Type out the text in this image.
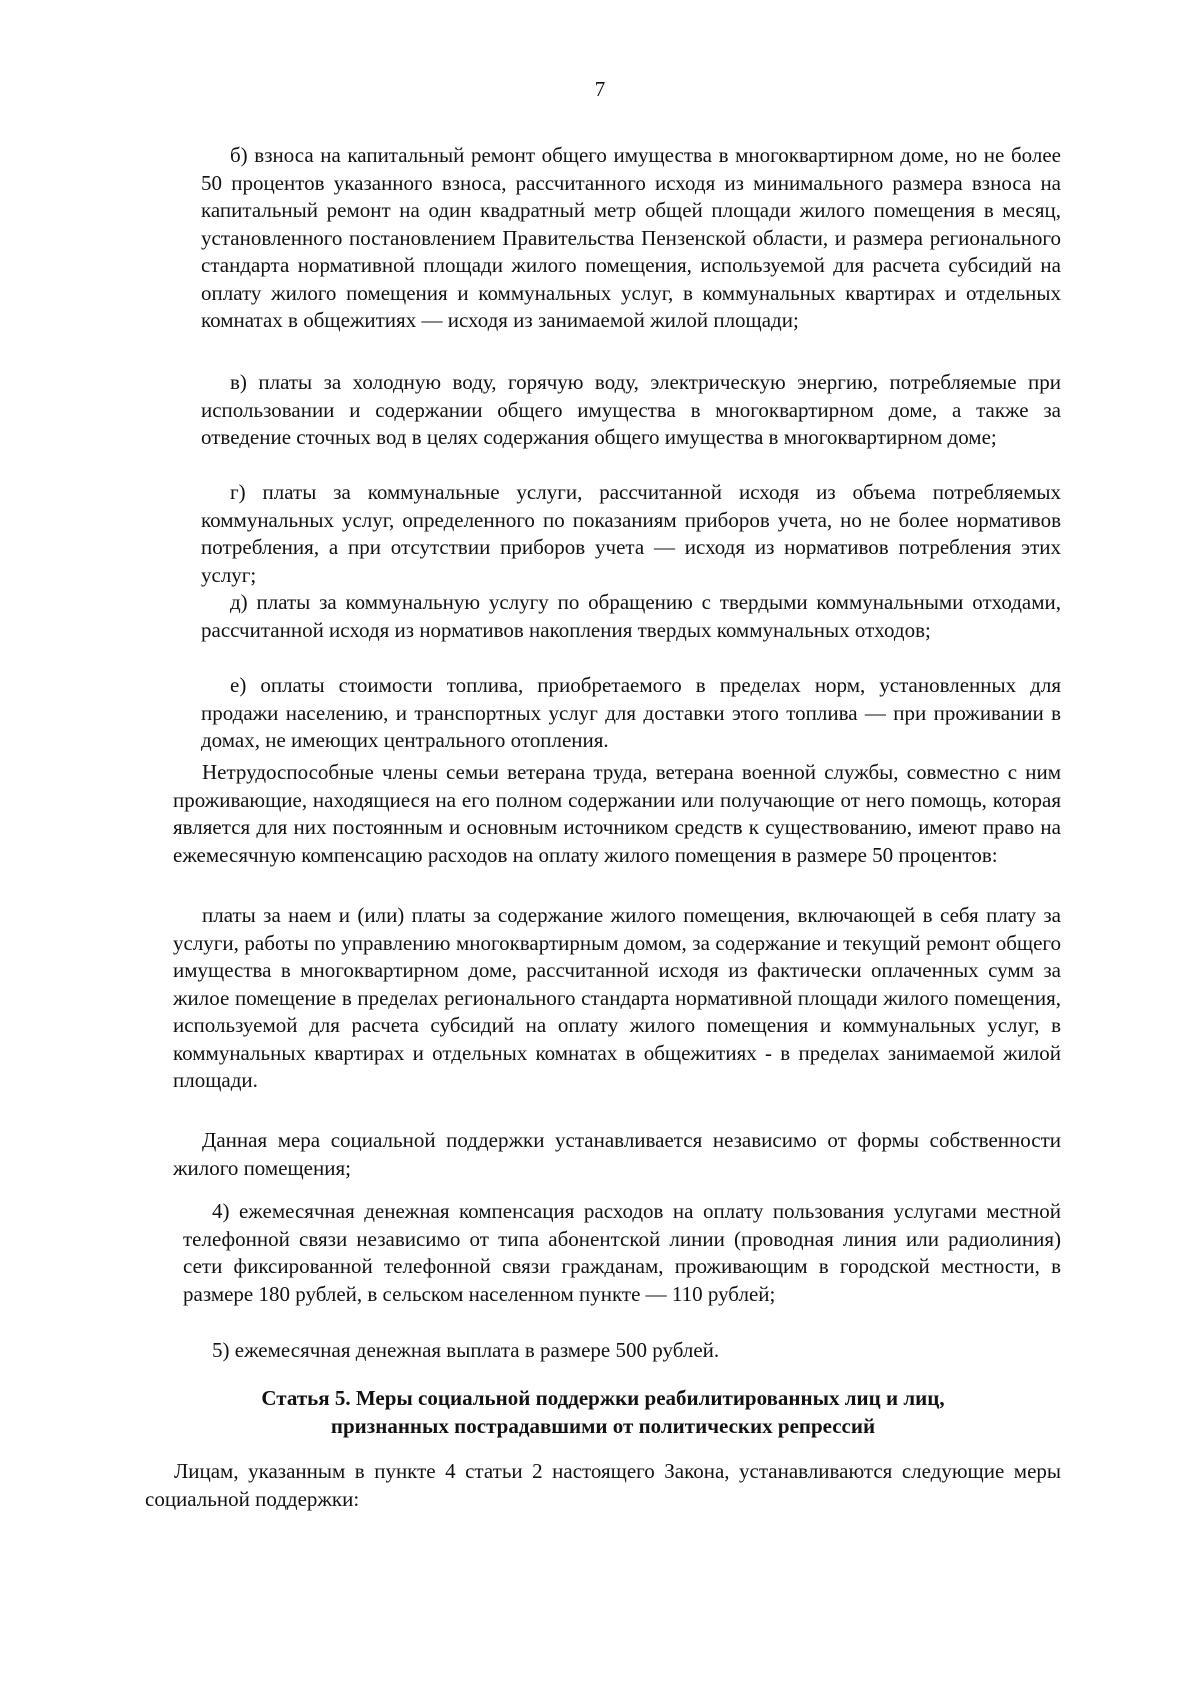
7

б) взноса на капитальный ремонт общего имущества в многоквартирном доме, но не более 50 процентов указанного взноса, рассчитанного исходя из минимального размера взноса на капитальный ремонт на один квадратный метр общей площади жилого помещения в месяц, установленного постановлением Правительства Пензенской области, и размера регионального стандарта нормативной площади жилого помещения, используемой для расчета субсидий на оплату жилого помещения и коммунальных услуг, в коммунальных квартирах и отдельных комнатах в общежитиях — исходя из занимаемой жилой площади;

в) платы за холодную воду, горячую воду, электрическую энергию, потребляемые при использовании и содержании общего имущества в многоквартирном доме, а также за отведение сточных вод в целях содержания общего имущества в многоквартирном доме;

г) платы за коммунальные услуги, рассчитанной исходя из объема потребляемых коммунальных услуг, определенного по показаниям приборов учета, но не более нормативов потребления, а при отсутствии приборов учета — исходя из нормативов потребления этих услуг;

д) платы за коммунальную услугу по обращению с твердыми коммунальными отходами, рассчитанной исходя из нормативов накопления твердых коммунальных отходов;

е) оплаты стоимости топлива, приобретаемого в пределах норм, установленных для продажи населению, и транспортных услуг для доставки этого топлива — при проживании в домах, не имеющих центрального отопления.

Нетрудоспособные члены семьи ветерана труда, ветерана военной службы, совместно с ним проживающие, находящиеся на его полном содержании или получающие от него помощь, которая является для них постоянным и основным источником средств к существованию, имеют право на ежемесячную компенсацию расходов на оплату жилого помещения в размере 50 процентов:

платы за наем и (или) платы за содержание жилого помещения, включающей в себя плату за услуги, работы по управлению многоквартирным домом, за содержание и текущий ремонт общего имущества в многоквартирном доме, рассчитанной исходя из фактически оплаченных сумм за жилое помещение в пределах регионального стандарта нормативной площади жилого помещения, используемой для расчета субсидий на оплату жилого помещения и коммунальных услуг, в коммунальных квартирах и отдельных комнатах в общежитиях - в пределах занимаемой жилой площади.

Данная мера социальной поддержки устанавливается независимо от формы собственности жилого помещения;

4) ежемесячная денежная компенсация расходов на оплату пользования услугами местной телефонной связи независимо от типа абонентской линии (проводная линия или радиолиния) сети фиксированной телефонной связи гражданам, проживающим в городской местности, в размере 180 рублей, в сельском населенном пункте — 110 рублей;

5) ежемесячная денежная выплата в размере 500 рублей.

Статья 5. Меры социальной поддержки реабилитированных лиц и лиц,
признанных пострадавшими от политических репрессий

Лицам, указанным в пункте 4 статьи 2 настоящего Закона, устанавливаются следующие меры социальной поддержки:
